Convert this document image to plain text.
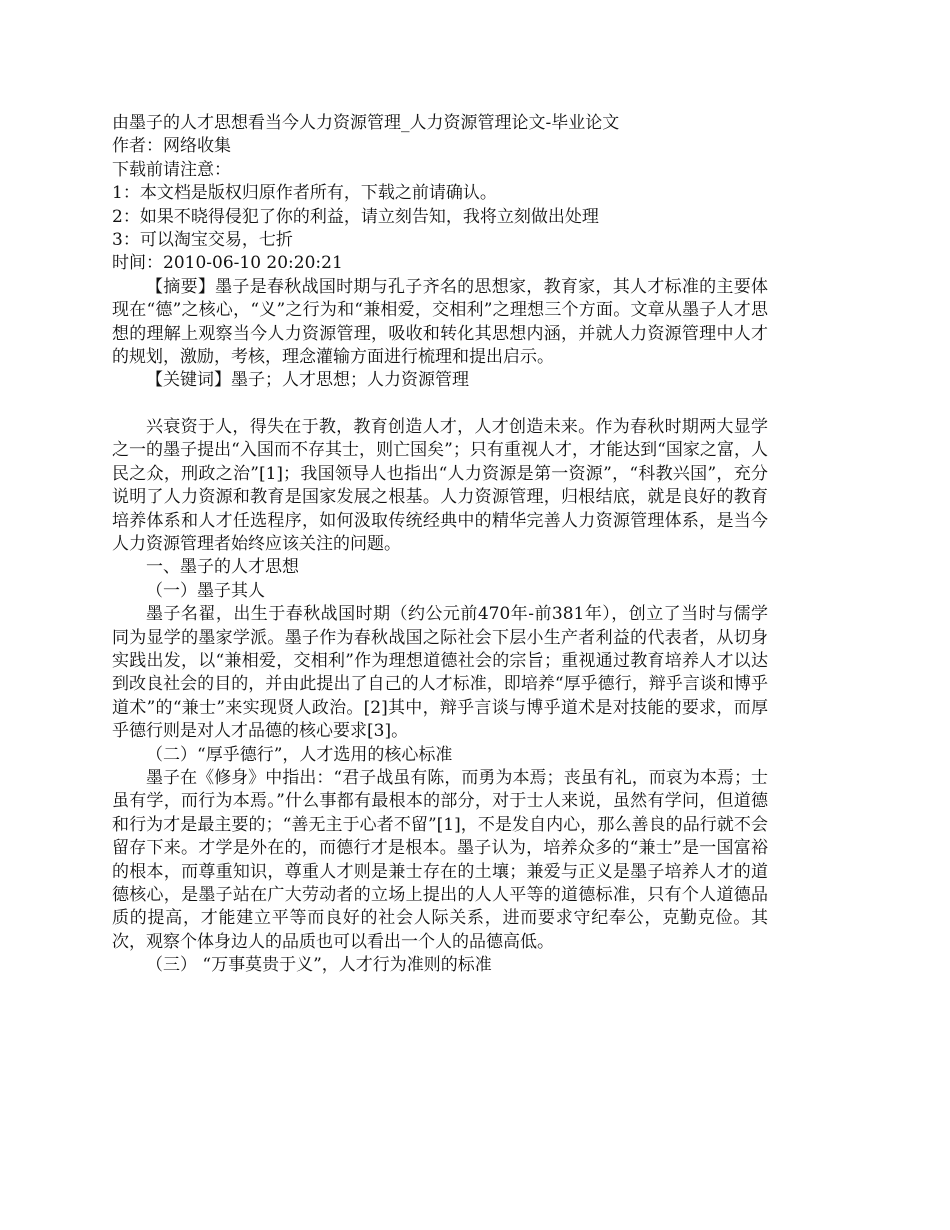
由墨子的人才思想看当今人力资源管理_人力资源管理论文-毕业论文

作者：网络收集

下载前请注意：

1：本文档是版权归原作者所有，下载之前请确认。

2：如果不晓得侵犯了你的利益，请立刻告知，我将立刻做出处理

3：可以淘宝交易，七折

时间：2010-06-10 20:20:21

【摘要】墨子是春秋战国时期与孔子齐名的思想家，教育家，其人才标准的主要体现在“德”之核心，“义”之行为和“兼相爱，交相利”之理想三个方面。文章从墨子人才思想的理解上观察当今人力资源管理，吸收和转化其思想内涵，并就人力资源管理中人才的规划，激励，考核，理念灌输方面进行梳理和提出启示。

【关键词】墨子；人才思想；人力资源管理

兴衰资于人，得失在于教，教育创造人才，人才创造未来。作为春秋时期两大显学之一的墨子提出“入国而不存其士，则亡国矣”；只有重视人才，才能达到“国家之富，人民之众，刑政之治”[1]；我国领导人也指出“人力资源是第一资源”，“科教兴国”，充分说明了人力资源和教育是国家发展之根基。人力资源管理，归根结底，就是良好的教育培养体系和人才任选程序，如何汲取传统经典中的精华完善人力资源管理体系，是当今人力资源管理者始终应该关注的问题。

一、墨子的人才思想

（一）墨子其人

墨子名翟，出生于春秋战国时期（约公元前470年-前381年），创立了当时与儒学同为显学的墨家学派。墨子作为春秋战国之际社会下层小生产者利益的代表者，从切身实践出发，以“兼相爱，交相利”作为理想道德社会的宗旨；重视通过教育培养人才以达到改良社会的目的，并由此提出了自己的人才标准，即培养“厚乎德行，辩乎言谈和博乎道术”的“兼士”来实现贤人政治。[2]其中，辩乎言谈与博乎道术是对技能的要求，而厚乎德行则是对人才品德的核心要求[3]。

（二）“厚乎德行”，人才选用的核心标准

墨子在《修身》中指出：“君子战虽有陈，而勇为本焉；丧虽有礼，而哀为本焉；士虽有学，而行为本焉。”什么事都有最根本的部分，对于士人来说，虽然有学问，但道德和行为才是最主要的；“善无主于心者不留”[1]，不是发自内心，那么善良的品行就不会留存下来。才学是外在的，而德行才是根本。墨子认为，培养众多的“兼士”是一国富裕的根本，而尊重知识，尊重人才则是兼士存在的土壤；兼爱与正义是墨子培养人才的道德核心，是墨子站在广大劳动者的立场上提出的人人平等的道德标准，只有个人道德品质的提高，才能建立平等而良好的社会人际关系，进而要求守纪奉公，克勤克俭。其次，观察个体身边人的品质也可以看出一个人的品德高低。

（三） “万事莫贵于义”，人才行为准则的标准
